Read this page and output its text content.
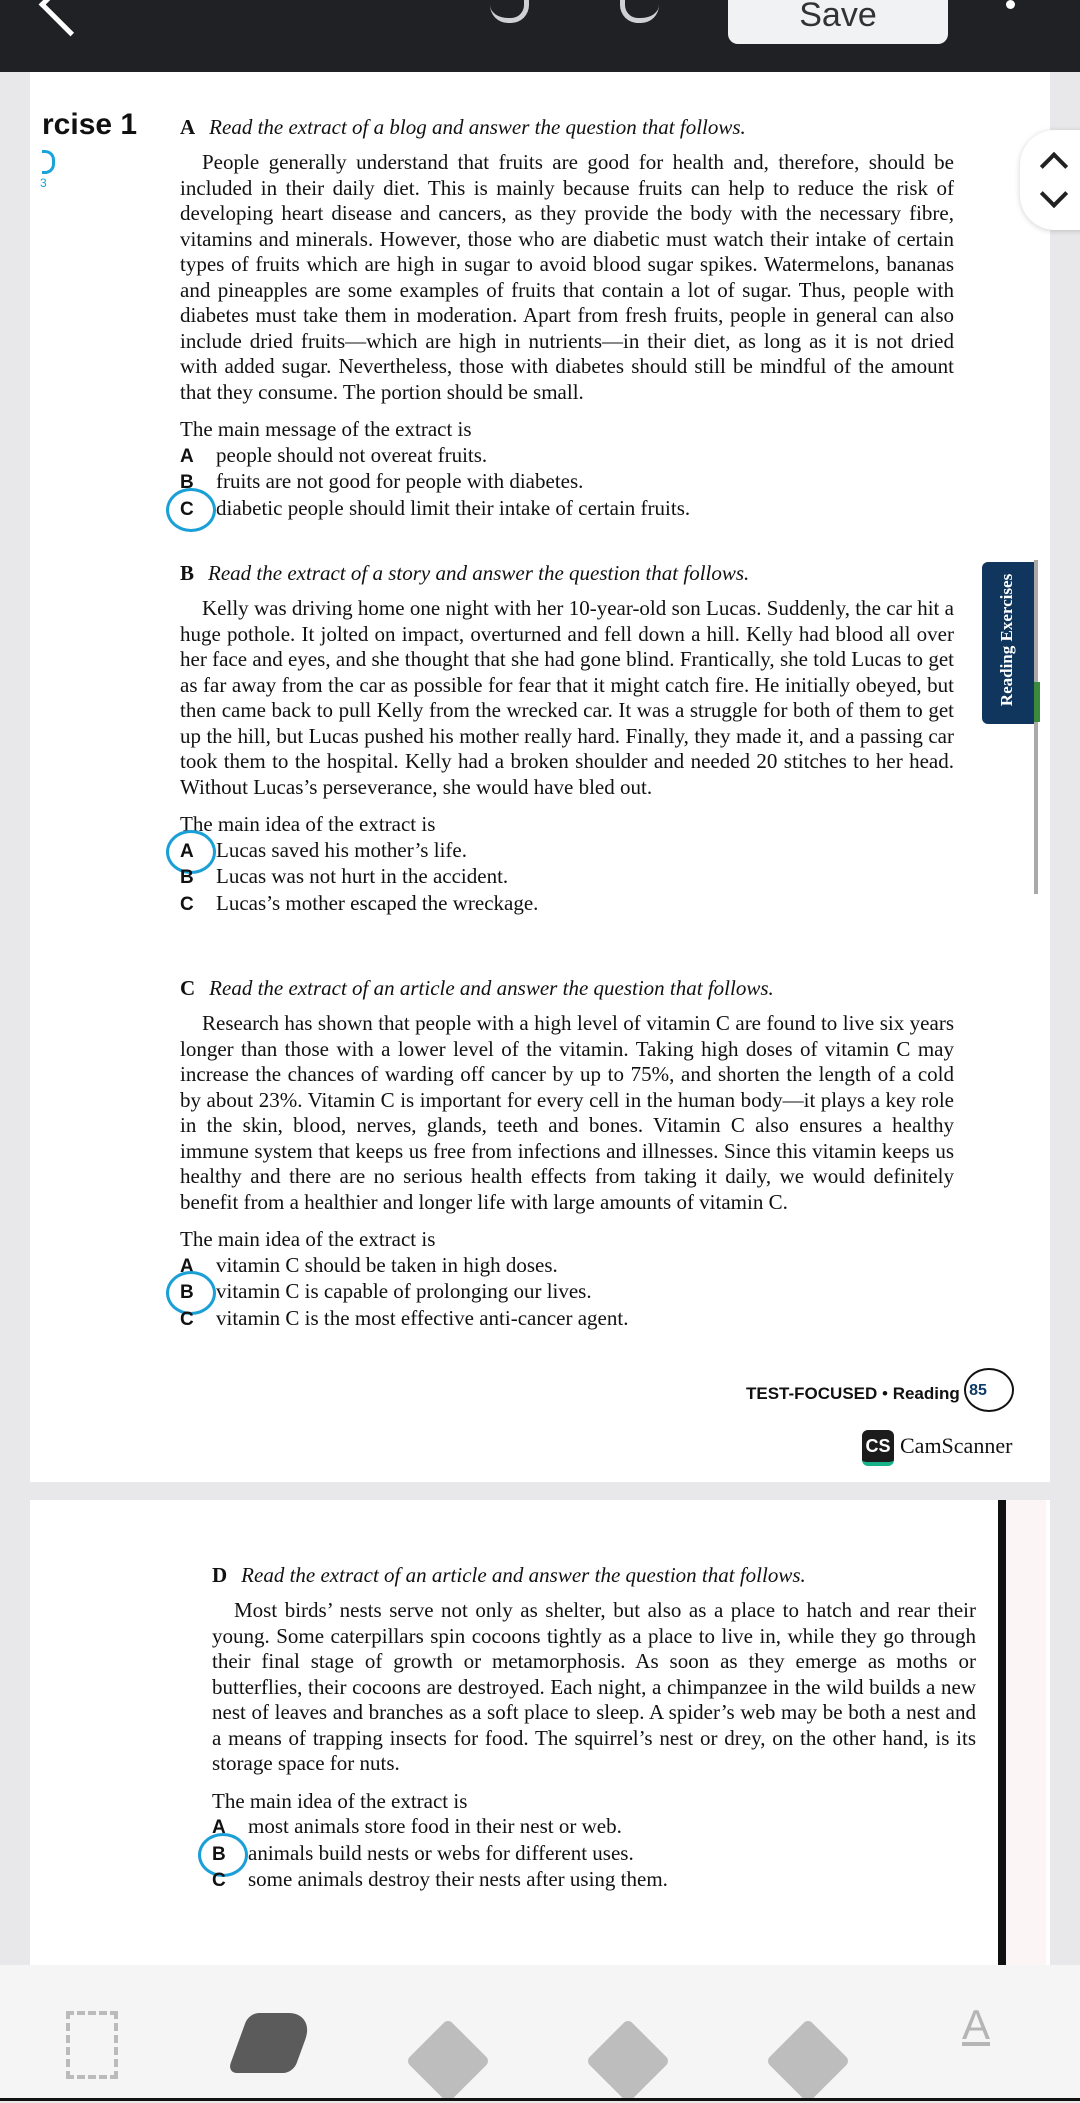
Save
rcise 1
3
Reading Exercises
A Read the extract of a blog and answer the question that follows.
People generally understand that fruits are good for health and, therefore, should be included in their daily diet. This is mainly because fruits can help to reduce the risk of developing heart disease and cancers, as they provide the body with the necessary fibre, vitamins and minerals. However, those who are diabetic must watch their intake of certain types of fruits which are high in sugar to avoid blood sugar spikes. Watermelons, bananas and pineapples are some examples of fruits that contain a lot of sugar. Thus, people with diabetes must take them in moderation. Apart from fresh fruits, people in general can also include dried fruits—which are high in nutrients—in their diet, as long as it is not dried with added sugar. Nevertheless, those with diabetes should still be mindful of the amount that they consume. The portion should be small.
The main message of the extract is
A people should not overeat fruits.
B fruits are not good for people with diabetes.
C diabetic people should limit their intake of certain fruits.
B Read the extract of a story and answer the question that follows.
Kelly was driving home one night with her 10-year-old son Lucas. Suddenly, the car hit a huge pothole. It jolted on impact, overturned and fell down a hill. Kelly had blood all over her face and eyes, and she thought that she had gone blind. Frantically, she told Lucas to get as far away from the car as possible for fear that it might catch fire. He initially obeyed, but then came back to pull Kelly from the wrecked car. It was a struggle for both of them to get up the hill, but Lucas pushed his mother really hard. Finally, they made it, and a passing car took them to the hospital. Kelly had a broken shoulder and needed 20 stitches to her head. Without Lucas’s perseverance, she would have bled out.
The main idea of the extract is
A Lucas saved his mother’s life.
B Lucas was not hurt in the accident.
C Lucas’s mother escaped the wreckage.
C Read the extract of an article and answer the question that follows.
Research has shown that people with a high level of vitamin C are found to live six years longer than those with a lower level of the vitamin. Taking high doses of vitamin C may increase the chances of warding off cancer by up to 75%, and shorten the length of a cold by about 23%. Vitamin C is important for every cell in the human body—it plays a key role in the skin, blood, nerves, glands, teeth and bones. Vitamin C also ensures a healthy immune system that keeps us free from infections and illnesses. Since this vitamin keeps us healthy and there are no serious health effects from taking it daily, we would definitely benefit from a healthier and longer life with large amounts of vitamin C.
The main idea of the extract is
A vitamin C should be taken in high doses.
B vitamin C is capable of prolonging our lives.
C vitamin C is the most effective anti-cancer agent.
TEST-FOCUSED • Reading 85
CS CamScanner
D Read the extract of an article and answer the question that follows.
Most birds’ nests serve not only as shelter, but also as a place to hatch and rear their young. Some caterpillars spin cocoons tightly as a place to live in, while they go through their final stage of growth or metamorphosis. As soon as they emerge as moths or butterflies, their cocoons are destroyed. Each night, a chimpanzee in the wild builds a new nest of leaves and branches as a soft place to sleep. A spider’s web may be both a nest and a means of trapping insects for food. The squirrel’s nest or drey, on the other hand, is its storage space for nuts.
The main idea of the extract is
A most animals store food in their nest or web.
B animals build nests or webs for different uses.
C some animals destroy their nests after using them.
A
